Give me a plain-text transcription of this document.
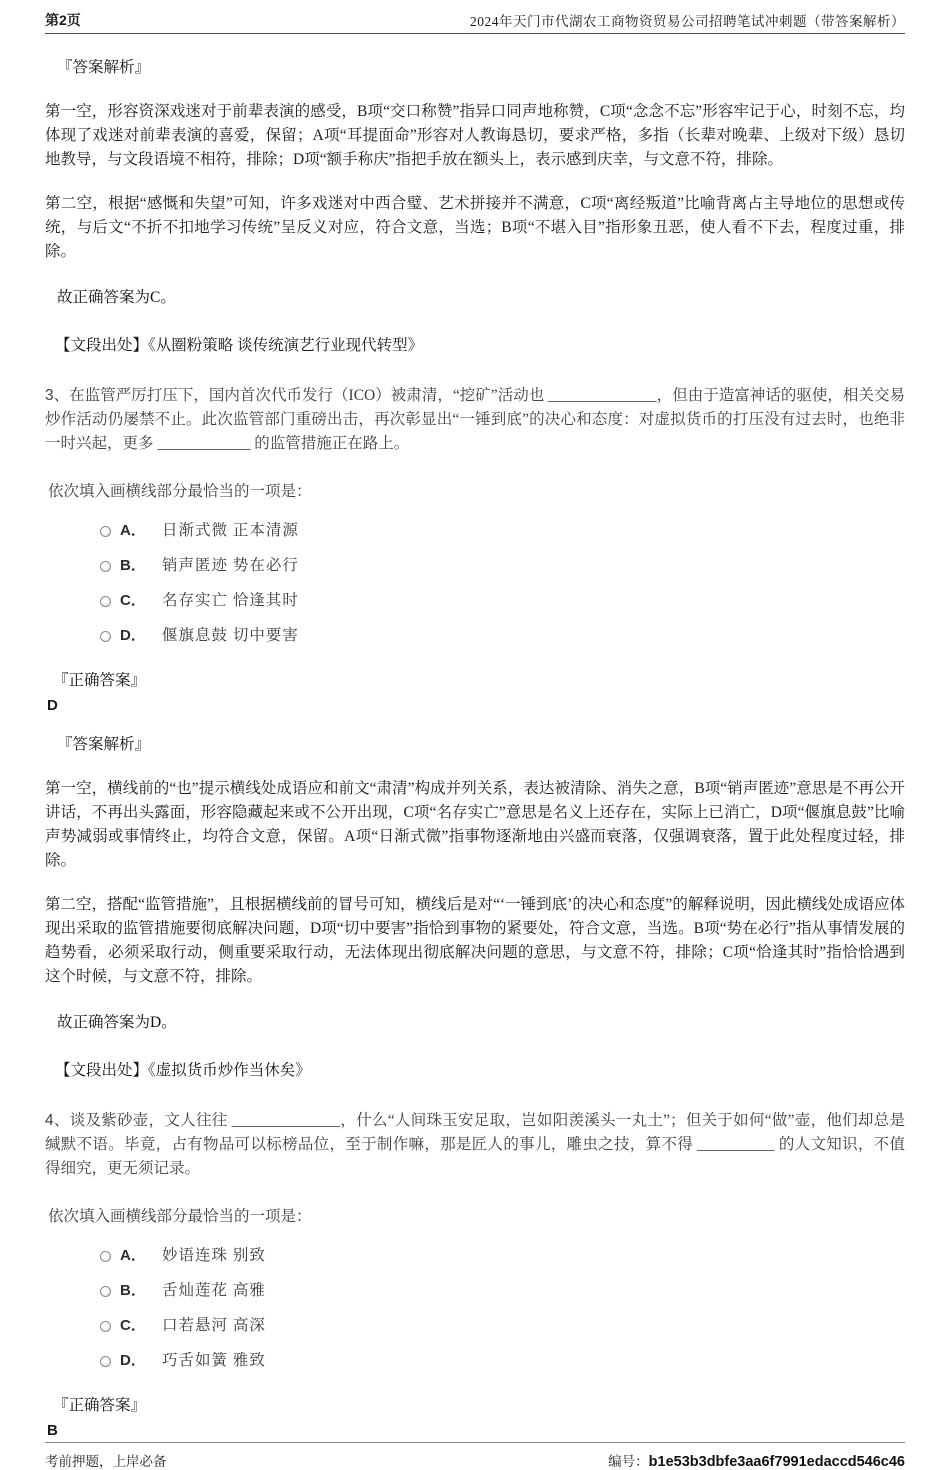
第2页	2024年天门市代湖农工商物资贸易公司招聘笔试冲刺题（带答案解析）
『答案解析』

第一空，形容资深戏迷对于前辈表演的感受，B项“交口称赞”指异口同声地称赞，C项“念念不忘”形容牢记于心，时刻不忘，均体现了戏迷对前辈表演的喜爱，保留；A项“耳提面命”形容对人教诲恳切，要求严格，多指（长辈对晚辈、上级对下级）恳切地教导，与文段语境不相符，排除；D项“额手称庆”指把手放在额头上，表示感到庆幸，与文意不符，排除。

第二空，根据“感慨和失望”可知，许多戏迷对中西合璧、艺术拼接并不满意，C项“离经叛道”比喻背离占主导地位的思想或传统，与后文“不折不扣地学习传统”呈反义对应，符合文意，当选；B项“不堪入目”指形象丑恶，使人看不下去，程度过重，排除。

故正确答案为C。
【文段出处】《从圈粉策略 谈传统演艺行业现代转型》

3、在监管严厉打压下，国内首次代币发行（ICO）被肃清，“挖矿”活动也 ______________，但由于造富神话的驱使，相关交易炒作活动仍屡禁不止。此次监管部门重磅出击，再次彰显出“一锤到底”的决心和态度：对虚拟货币的打压没有过去时，也绝非一时兴起，更多 ____________ 的监管措施正在路上。

依次填入画横线部分最恰当的一项是：
A． 日渐式微 正本清源
B． 销声匿迹 势在必行
C． 名存实亡 恰逢其时
D． 偃旗息鼓 切中要害
『正确答案』
D
『答案解析』

第一空，横线前的“也”提示横线处成语应和前文“肃清”构成并列关系，表达被清除、消失之意，B项“销声匿迹”意思是不再公开讲话，不再出头露面，形容隐藏起来或不公开出现，C项“名存实亡”意思是名义上还存在，实际上已消亡，D项“偃旗息鼓”比喻声势减弱或事情终止，均符合文意，保留。A项“日渐式微”指事物逐渐地由兴盛而衰落，仅强调衰落，置于此处程度过轻，排除。

第二空，搭配“监管措施”，且根据横线前的冒号可知，横线后是对“‘一锤到底’的决心和态度”的解释说明，因此横线处成语应体现出采取的监管措施要彻底解决问题，D项“切中要害”指恰到事物的紧要处，符合文意，当选。B项“势在必行”指从事情发展的趋势看，必须采取行动，侧重要采取行动，无法体现出彻底解决问题的意思，与文意不符，排除；C项“恰逢其时”指恰恰遇到这个时候，与文意不符，排除。

故正确答案为D。
【文段出处】《虚拟货币炒作当休矣》

4、谈及紫砂壶，文人往往 ______________，什么“人间珠玉安足取，岂如阳羡溪头一丸土”；但关于如何“做”壶，他们却总是缄默不语。毕竟，占有物品可以标榜品位，至于制作嘛，那是匠人的事儿，雕虫之技，算不得 __________ 的人文知识，不值得细究，更无须记录。

依次填入画横线部分最恰当的一项是：
A． 妙语连珠 别致
B． 舌灿莲花 高雅
C． 口若悬河 高深
D． 巧舌如簧 雅致
『正确答案』
B
考前押题，上岸必备	编号：b1e53b3dbfe3aa6f7991edaccd546c46
